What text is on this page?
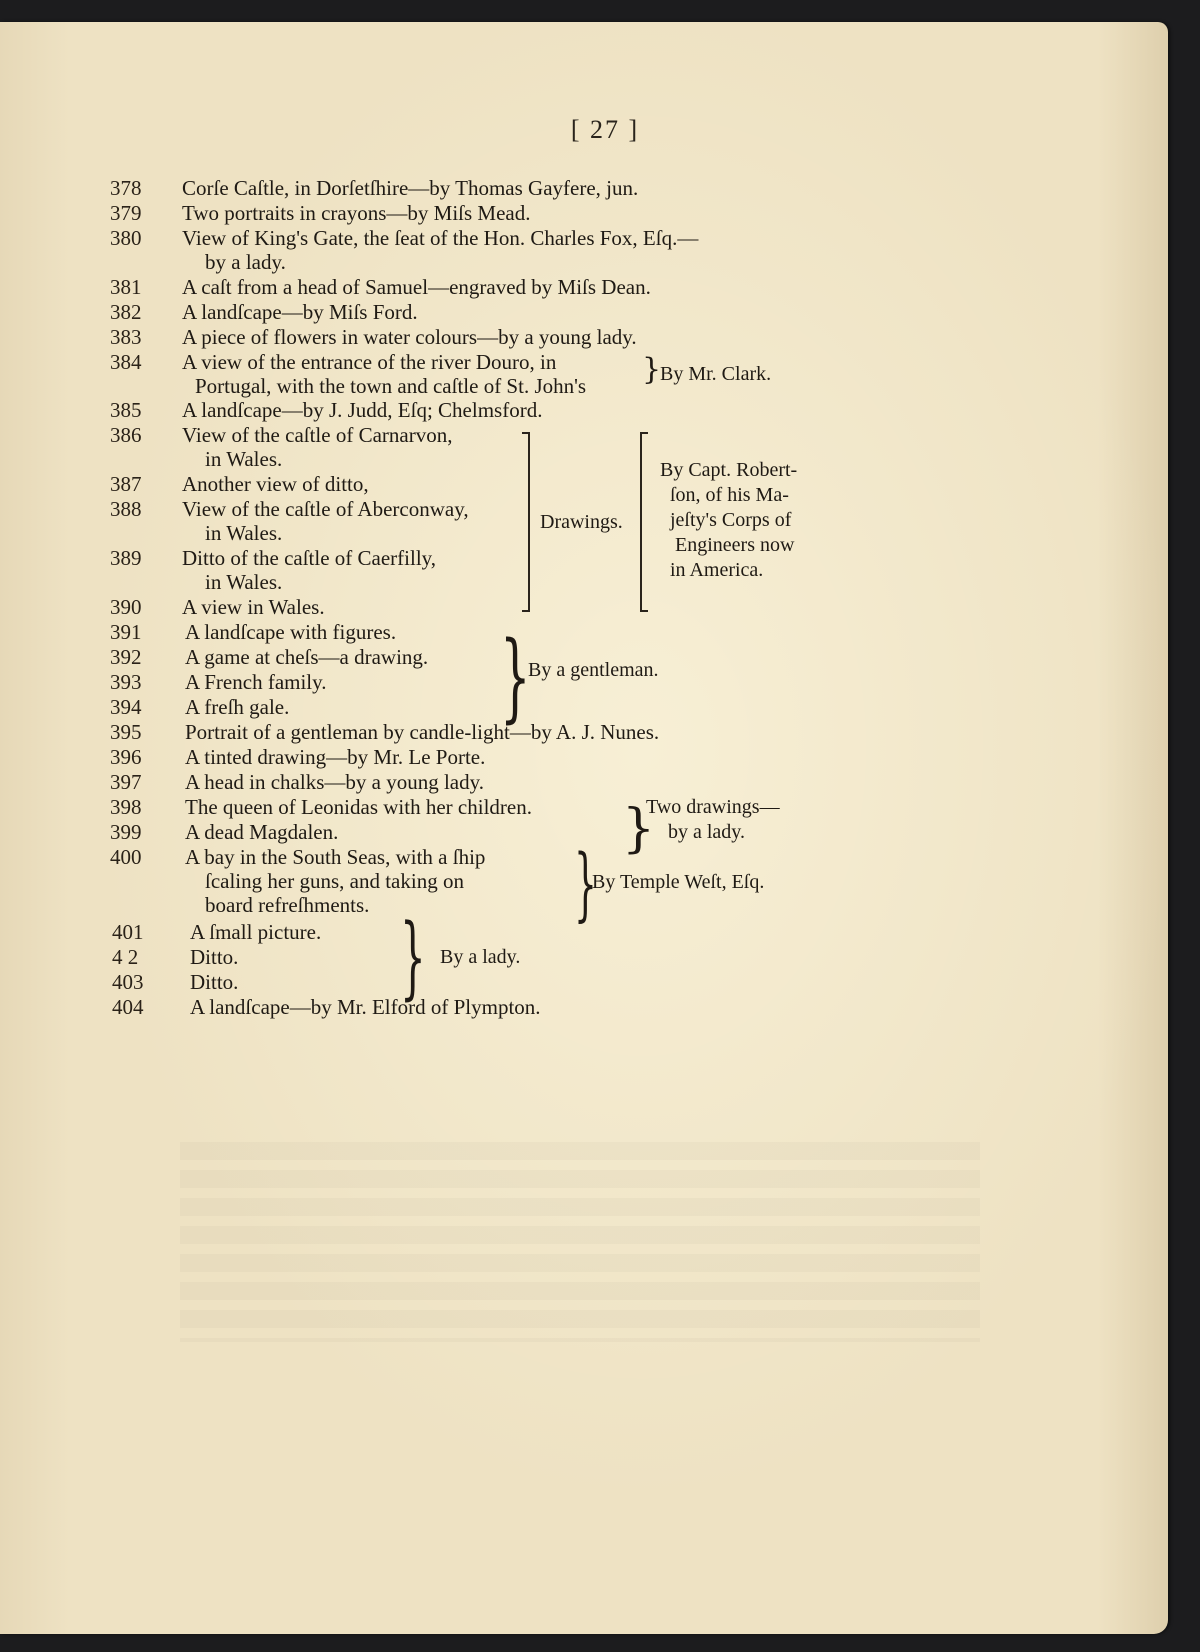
[ 27 ]
378 Corſe Caſtle, in Dorſetſhire—by Thomas Gayfere, jun.
379 Two portraits in crayons—by Miſs Mead.
380 View of King's Gate, the ſeat of the Hon. Charles Fox, Eſq.—
by a lady.
381 A caſt from a head of Samuel—engraved by Miſs Dean.
382 A landſcape—by Miſs Ford.
383 A piece of flowers in water colours—by a young lady.
384 A view of the entrance of the river Douro, in
Portugal, with the town and caſtle of St. John's }
By Mr. Clark.
385 A landſcape—by J. Judd, Eſq; Chelmsford.
386 View of the caſtle of Carnarvon,
in Wales.
387 Another view of ditto,
388 View of the caſtle of Aberconway,
in Wales.
389 Ditto of the caſtle of Caerfilly,
in Wales.
390 A view in Wales.
Drawings.
By Capt. Robert-
ſon, of his Ma-
jeſty's Corps of
Engineers now
in America.
391 A landſcape with figures.
392 A game at cheſs—a drawing.
393 A French family.
394 A freſh gale. }
By a gentleman.
395 Portrait of a gentleman by candle-light—by A. J. Nunes.
396 A tinted drawing—by Mr. Le Porte.
397 A head in chalks—by a young lady.
398 The queen of Leonidas with her children.
399 A dead Magdalen.	}
Two drawings—
by a lady.
400 A bay in the South Seas, with a ſhip
ſcaling her guns, and taking on
board refreſhments.	}
By Temple Weſt, Eſq.
401 A ſmall picture.
4 2 Ditto.
403 Ditto. } By a lady.
404 A landſcape—by Mr. Elford of Plympton.
